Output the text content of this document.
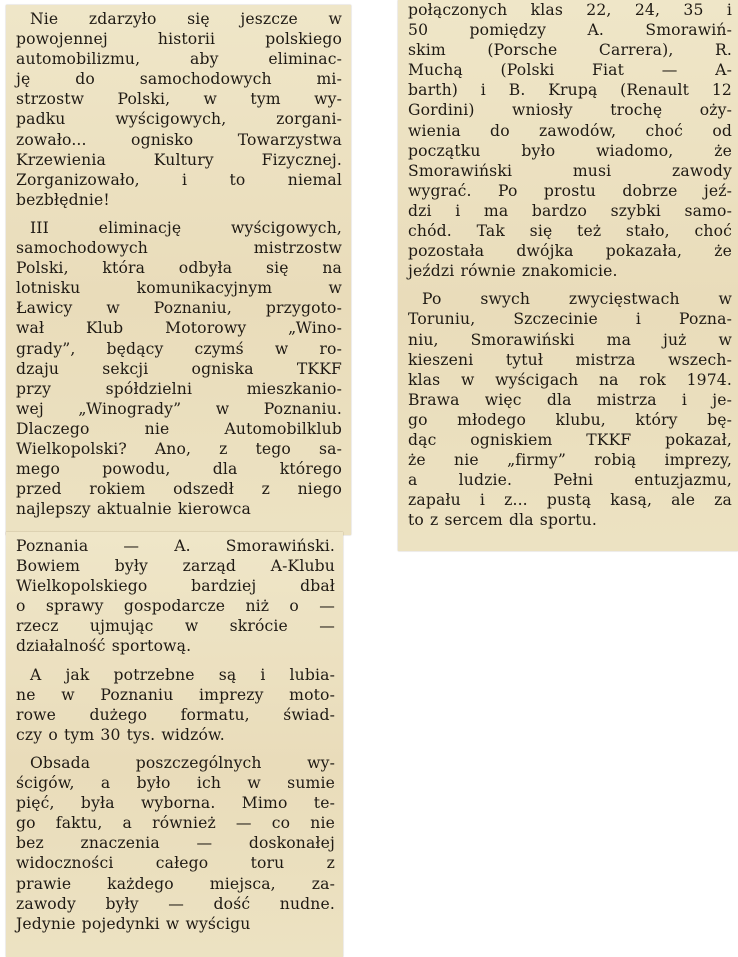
Nie zdarzyło się jeszcze w
powojennej historii polskiego
automobilizmu, aby eliminac-
ję do samochodowych mi-
strzostw Polski, w tym wy-
padku wyścigowych, zorgani-
zowało... ognisko Towarzystwa
Krzewienia Kultury Fizycznej.
Zorganizowało, i to niemal
bezbłędnie!
III eliminację wyścigowych,
samochodowych mistrzostw
Polski, która odbyła się na
lotnisku komunikacyjnym w
Ławicy w Poznaniu, przygoto-
wał Klub Motorowy „Wino-
grady”, będący czymś w ro-
dzaju sekcji ogniska TKKF
przy spółdzielni mieszkanio-
wej „Winogrady” w Poznaniu.
Dlaczego nie Automobilklub
Wielkopolski? Ano, z tego sa-
mego powodu, dla którego
przed rokiem odszedł z niego
najlepszy aktualnie kierowca
Poznania — A. Smorawiński.
Bowiem były zarząd A-Klubu
Wielkopolskiego bardziej dbał
o sprawy gospodarcze niż o —
rzecz ujmując w skrócie —
działalność sportową.
A jak potrzebne są i lubia-
ne w Poznaniu imprezy moto-
rowe dużego formatu, świad-
czy o tym 30 tys. widzów.
Obsada poszczególnych wy-
ścigów, a było ich w sumie
pięć, była wyborna. Mimo te-
go faktu, a również — co nie
bez znaczenia — doskonałej
widoczności całego toru z
prawie każdego miejsca, za-
zawody były — dość nudne.
Jedynie pojedynki w wyścigu
połączonych klas 22, 24, 35 i
50 pomiędzy A. Smorawiń-
skim (Porsche Carrera), R.
Muchą (Polski Fiat — A-
barth) i B. Krupą (Renault 12
Gordini) wniosły trochę oży-
wienia do zawodów, choć od
początku było wiadomo, że
Smorawiński musi zawody
wygrać. Po prostu dobrze jeź-
dzi i ma bardzo szybki samo-
chód. Tak się też stało, choć
pozostała dwójka pokazała, że
jeździ równie znakomicie.
Po swych zwycięstwach w
Toruniu, Szczecinie i Pozna-
niu, Smorawiński ma już w
kieszeni tytuł mistrza wszech-
klas w wyścigach na rok 1974.
Brawa więc dla mistrza i je-
go młodego klubu, który bę-
dąc ogniskiem TKKF pokazał,
że nie „firmy” robią imprezy,
a ludzie. Pełni entuzjazmu,
zapału i z... pustą kasą, ale za
to z sercem dla sportu.
